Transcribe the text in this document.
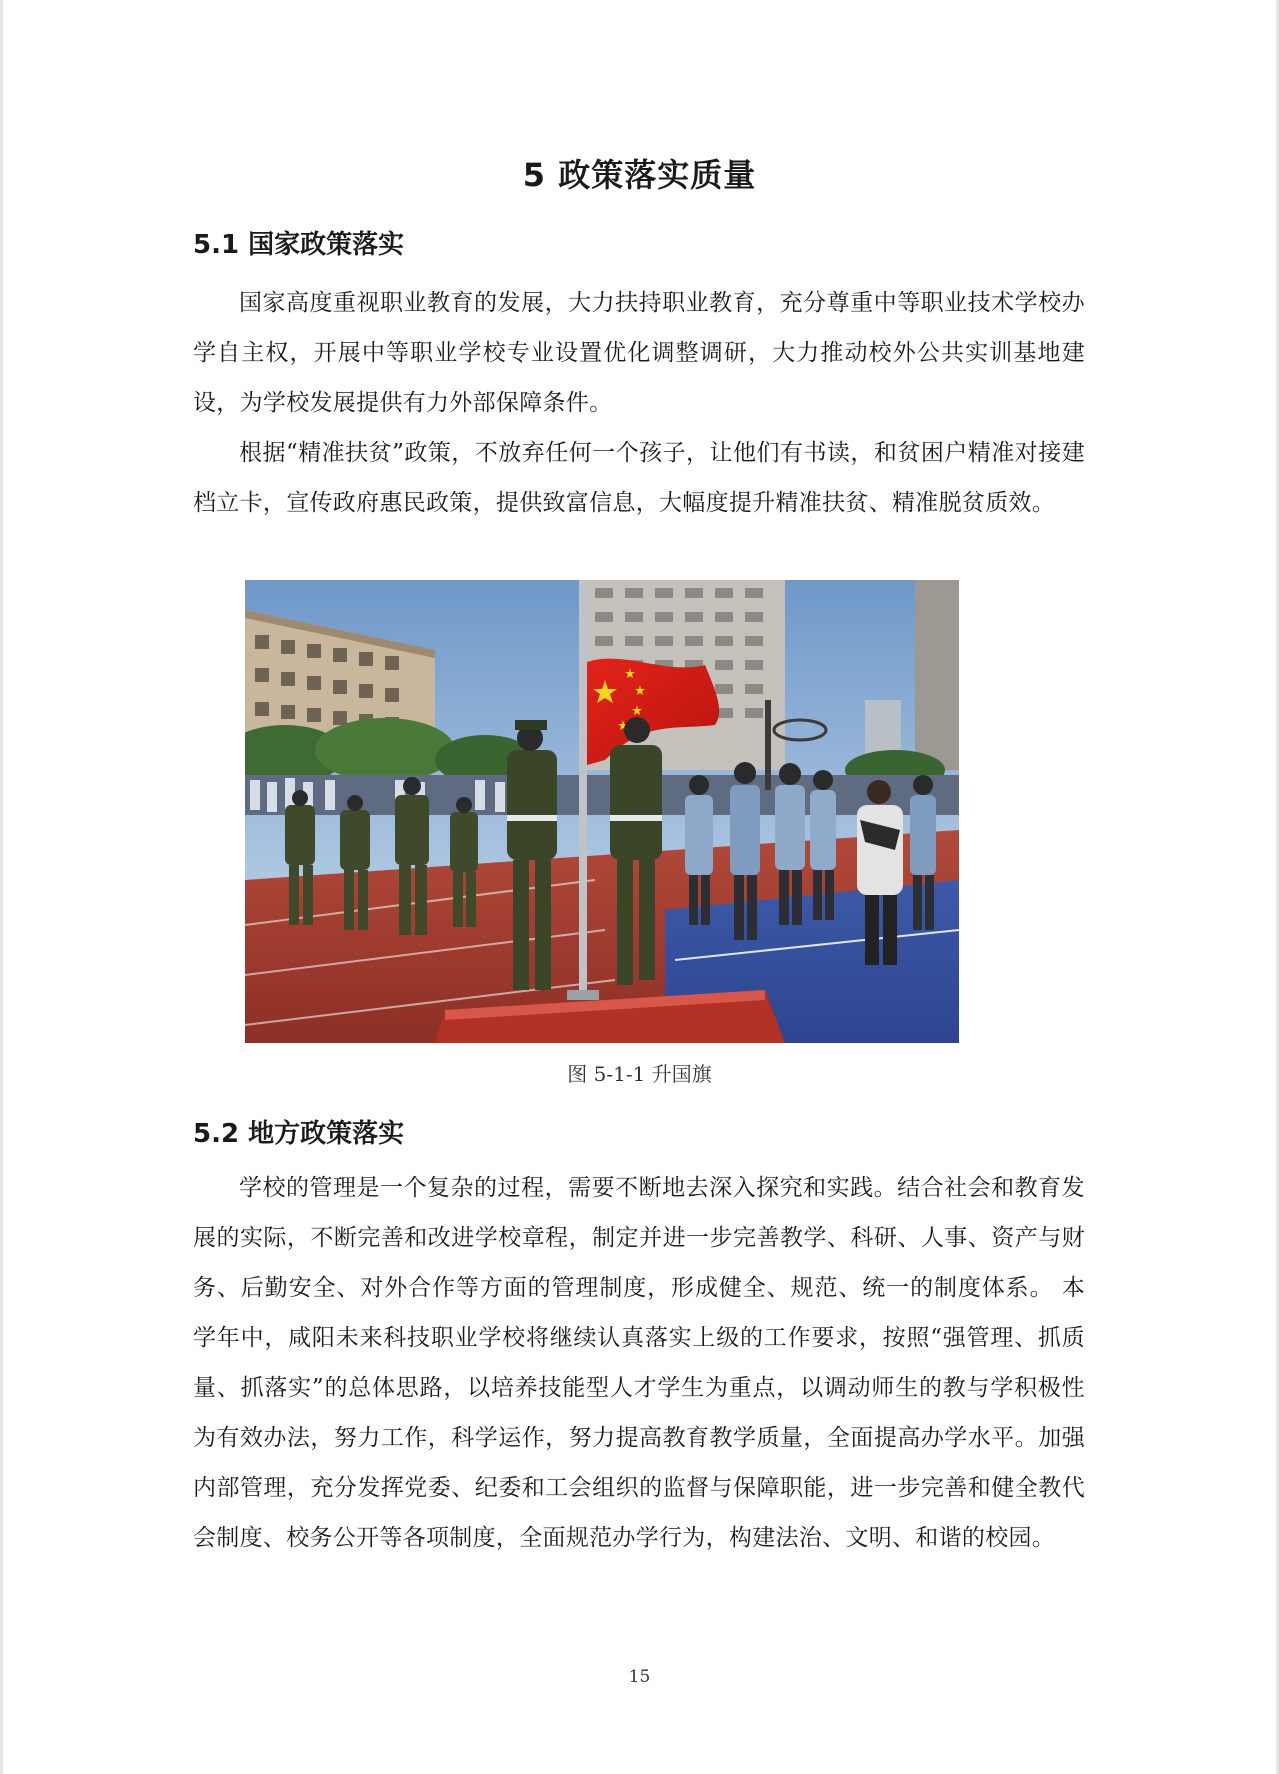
5 政策落实质量
5.1 国家政策落实

国家高度重视职业教育的发展，大力扶持职业教育，充分尊重中等职业技术学校办学自主权，开展中等职业学校专业设置优化调整调研，大力推动校外公共实训基地建设，为学校发展提供有力外部保障条件。

根据“精准扶贫”政策，不放弃任何一个孩子，让他们有书读，和贫困户精准对接建档立卡，宣传政府惠民政策，提供致富信息，大幅度提升精准扶贫、精准脱贫质效。

图 5-1-1 升国旗
5.2 地方政策落实

学校的管理是一个复杂的过程，需要不断地去深入探究和实践。结合社会和教育发展的实际，不断完善和改进学校章程，制定并进一步完善教学、科研、人事、资产与财务、后勤安全、对外合作等方面的管理制度，形成健全、规范、统一的制度体系。 本学年中，咸阳未来科技职业学校将继续认真落实上级的工作要求，按照“强管理、抓质量、抓落实”的总体思路，以培养技能型人才学生为重点，以调动师生的教与学积极性为有效办法，努力工作，科学运作，努力提高教育教学质量，全面提高办学水平。加强内部管理，充分发挥党委、纪委和工会组织的监督与保障职能，进一步完善和健全教代会制度、校务公开等各项制度，全面规范办学行为，构建法治、文明、和谐的校园。

15
